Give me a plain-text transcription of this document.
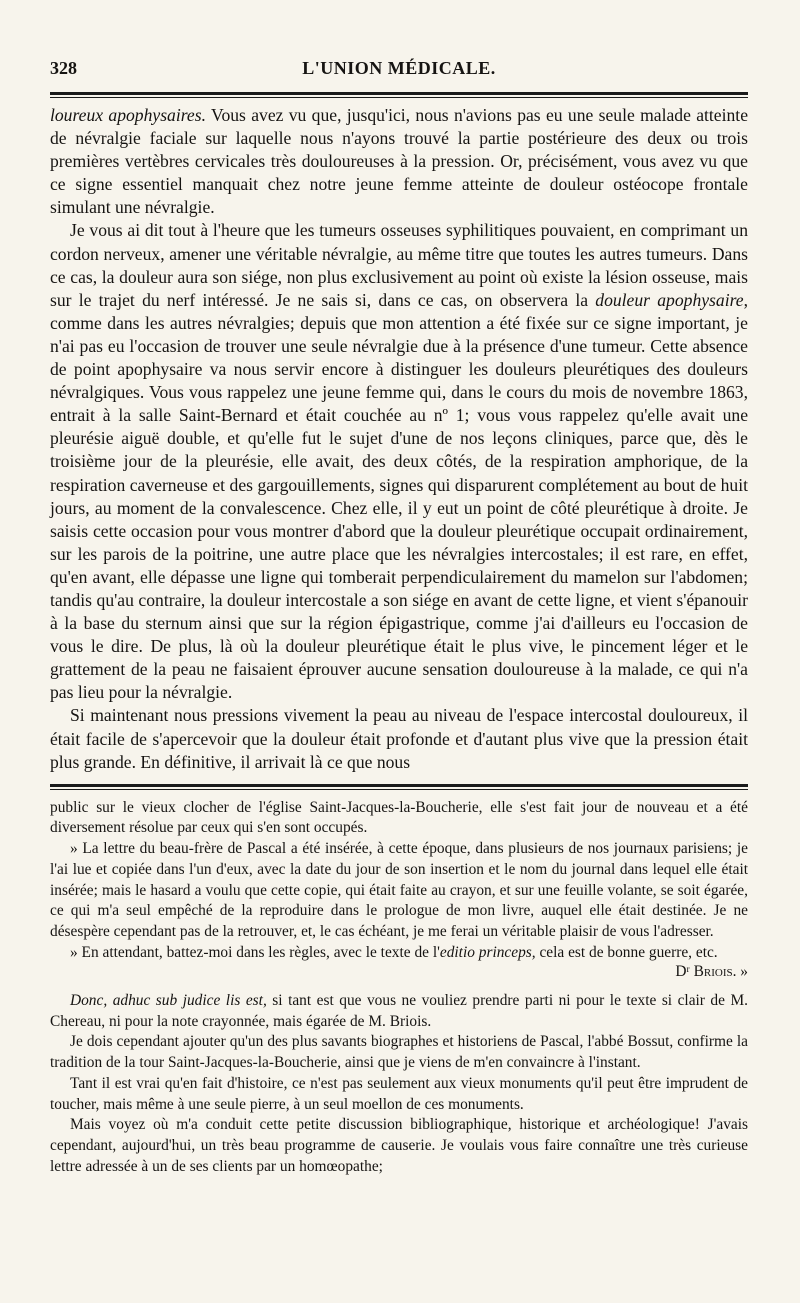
328	L'UNION MÉDICALE.

loureux apophysaires. Vous avez vu que, jusqu'ici, nous n'avions pas eu une seule malade atteinte de névralgie faciale sur laquelle nous n'ayons trouvé la partie postérieure des deux ou trois premières vertèbres cervicales très douloureuses à la pression. Or, précisément, vous avez vu que ce signe essentiel manquait chez notre jeune femme atteinte de douleur ostéocope frontale simulant une névralgie.

Je vous ai dit tout à l'heure que les tumeurs osseuses syphilitiques pouvaient, en comprimant un cordon nerveux, amener une véritable névralgie, au même titre que toutes les autres tumeurs. Dans ce cas, la douleur aura son siége, non plus exclusivement au point où existe la lésion osseuse, mais sur le trajet du nerf intéressé. Je ne sais si, dans ce cas, on observera la douleur apophysaire, comme dans les autres névralgies; depuis que mon attention a été fixée sur ce signe important, je n'ai pas eu l'occasion de trouver une seule névralgie due à la présence d'une tumeur. Cette absence de point apophysaire va nous servir encore à distinguer les douleurs pleurétiques des douleurs névralgiques. Vous vous rappelez une jeune femme qui, dans le cours du mois de novembre 1863, entrait à la salle Saint-Bernard et était couchée au nº 1; vous vous rappelez qu'elle avait une pleurésie aiguë double, et qu'elle fut le sujet d'une de nos leçons cliniques, parce que, dès le troisième jour de la pleurésie, elle avait, des deux côtés, de la respiration amphorique, de la respiration caverneuse et des gargouillements, signes qui disparurent complétement au bout de huit jours, au moment de la convalescence. Chez elle, il y eut un point de côté pleurétique à droite. Je saisis cette occasion pour vous montrer d'abord que la douleur pleurétique occupait ordinairement, sur les parois de la poitrine, une autre place que les névralgies intercostales; il est rare, en effet, qu'en avant, elle dépasse une ligne qui tomberait perpendiculairement du mamelon sur l'abdomen; tandis qu'au contraire, la douleur intercostale a son siége en avant de cette ligne, et vient s'épanouir à la base du sternum ainsi que sur la région épigastrique, comme j'ai d'ailleurs eu l'occasion de vous le dire. De plus, là où la douleur pleurétique était le plus vive, le pincement léger et le grattement de la peau ne faisaient éprouver aucune sensation douloureuse à la malade, ce qui n'a pas lieu pour la névralgie.

Si maintenant nous pressions vivement la peau au niveau de l'espace intercostal douloureux, il était facile de s'apercevoir que la douleur était profonde et d'autant plus vive que la pression était plus grande. En définitive, il arrivait là ce que nous

public sur le vieux clocher de l'église Saint-Jacques-la-Boucherie, elle s'est fait jour de nouveau et a été diversement résolue par ceux qui s'en sont occupés.

» La lettre du beau-frère de Pascal a été insérée, à cette époque, dans plusieurs de nos journaux parisiens; je l'ai lue et copiée dans l'un d'eux, avec la date du jour de son insertion et le nom du journal dans lequel elle était insérée; mais le hasard a voulu que cette copie, qui était faite au crayon, et sur une feuille volante, se soit égarée, ce qui m'a seul empêché de la reproduire dans le prologue de mon livre, auquel elle était destinée. Je ne désespère cependant pas de la retrouver, et, le cas échéant, je me ferai un véritable plaisir de vous l'adresser.

» En attendant, battez-moi dans les règles, avec le texte de l'editio princeps, cela est de bonne guerre, etc.
Dʳ Briois. »

Donc, adhuc sub judice lis est, si tant est que vous ne vouliez prendre parti ni pour le texte si clair de M. Chereau, ni pour la note crayonnée, mais égarée de M. Briois.

Je dois cependant ajouter qu'un des plus savants biographes et historiens de Pascal, l'abbé Bossut, confirme la tradition de la tour Saint-Jacques-la-Boucherie, ainsi que je viens de m'en convaincre à l'instant.

Tant il est vrai qu'en fait d'histoire, ce n'est pas seulement aux vieux monuments qu'il peut être imprudent de toucher, mais même à une seule pierre, à un seul moellon de ces monuments.

Mais voyez où m'a conduit cette petite discussion bibliographique, historique et archéologique! J'avais cependant, aujourd'hui, un très beau programme de causerie. Je voulais vous faire connaître une très curieuse lettre adressée à un de ses clients par un homœopathe;
